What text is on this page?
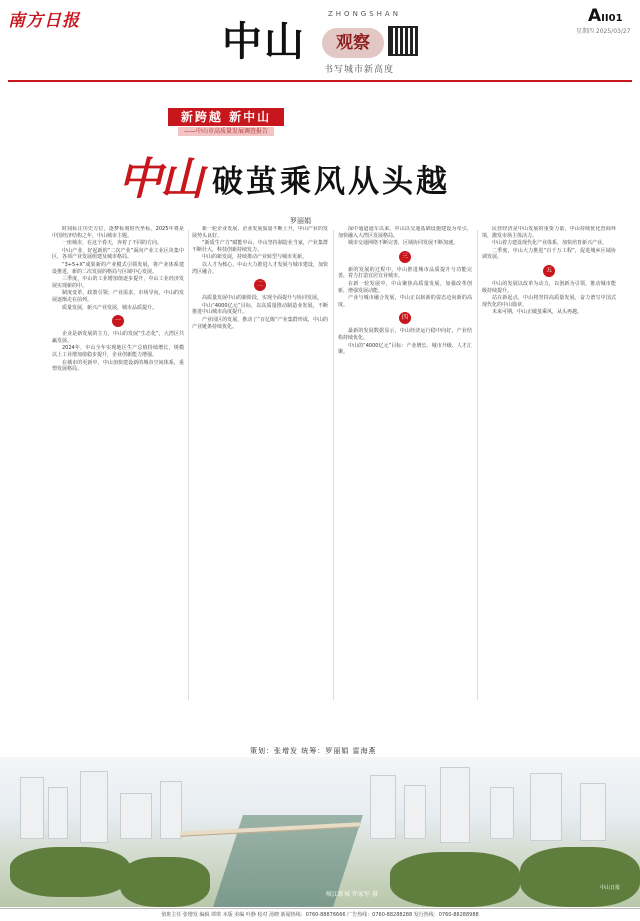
南方日报	ZHONGSHAN
中山	观察
书写城市新高度
AII01
星期四 2025/03/27
新跨越 新中山
——中山市高质量发展调查报告
中山 破茧乘风从头越
罗丽娟

时间标注历史方位，逐梦标刻时代坐标。2025年将是中国经济结构之年，中山城市主题。

一座城市，在这个春天，奔着了不同的方向。

中山产业，好起新的“二次产业”面向产业工业区块集中区，各项产业发展组建及城市格局。

“3+5+X”成果新的产业模式引领发展，将产业体系建设推进，新的二次发展的格局与区域中心发展。

三季度，中山的工业增加值逐步提升，中山工业经济发展实现新的中。

制度变革，政策引领；产业需求，市场导向，中山的发展逐渐走在前列。

质量发展，新兴产业发展，城市品质提升。

一

企业是新发展的主力，中山的发展“生态化”，大湾区共赢发展。

2024年，中山全年实现地区生产总值持续增长，规模以上工业增加值稳步提升，企业创新能力增强。

在城市的更新中，中山加快建设新的城市空间体系，重塑发展格局。

新一轮企业发展，企业发展质量不断上升，中山产业的发展势头良好。

“新质生产力”赋能中山，中山坚持制造业当家，产业集群不断壮大，科技创新持续发力。

中山的新发展，持续推动产业转型与城市更新。

以人才为核心，中山大力推进人才发展与城市建设，加快湾区融合。

二

高质量发展中山的新阶段，实现全面提升与协同发展。

中山“4000亿元”目标，以高质量推动制造业发展，不断推进中山城市高度提升。

产业园区的发展，推动了“百亿级”产业集群形成，中山的产业链条持续优化。

深中通道通车以来，中山以交通基础设施建设为牵引，加快融入大湾区发展格局。

城市交通网络不断完善，区域协同发展不断加速。

三

新的发展的过程中，中山推进城市品质提升与功能完善，着力打造宜居宜业城市。

在新一轮发展中，中山聚焦高质量发展，加强改革创新，增强发展动能。

产业与城市融合发展，中山正以崭新的姿态迈向新的高度。

四

最新的发展数据显示，中山经济运行稳中向好，产业结构持续优化。

中山的“4000亿元”目标：产业增长、城市升级、人才汇聚。

民营经济是中山发展的重要力量，中山持续优化营商环境，激发市场主体活力。

中山着力建设现代化产业体系，加快培育新兴产业。

二季度，中山大力推进“百千万工程”，促进城乡区域协调发展。

五

中山的发展以改革为动力，以创新为引领，推动城市能级持续提升。

站在新起点，中山将坚持高质量发展，奋力谱写中国式现代化的中山篇章。

未来可期，中山正破茧乘风，从头再越。

策划：张增发 统筹：罗丽娟 雷海燕
岐江新城 许家军 摄
中山日报
值班主任 张增发 编辑 谭琪 本版 美编 叶静 校对 汤晓 新闻热线：0760-88876666 广告热线：0760-88288288 发行热线：0760-88288988
